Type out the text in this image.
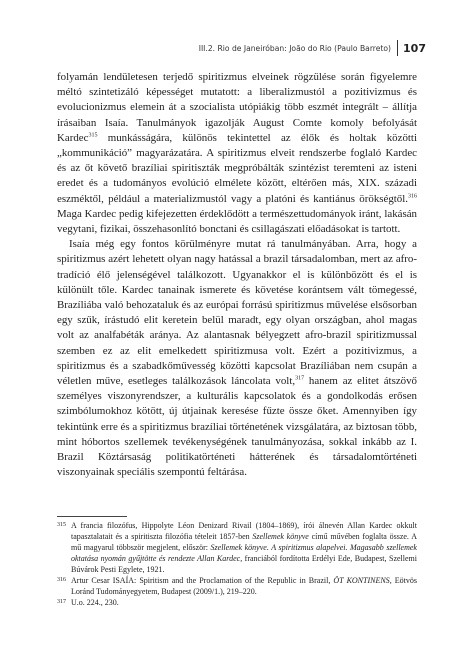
III.2. Rio de Janeiróban: João do Rio (Paulo Barreto) 107

folyamán lendületesen terjedő spiritizmus elveinek rögzülése során figyelemre méltó szintetizáló képességet mutatott: a liberalizmustól a pozitivizmus és evolucionizmus elemein át a szocialista utópiákig több eszmét integrált – állítja írásaiban Isaía. Tanulmányok igazolják August Comte komoly befolyását Kardec$^{315}$ munkásságára, különös tekintettel az élők és holtak közötti „kommunikáció” magyarázatára. A spiritizmus elveit rendszerbe foglaló Kardec és az őt követő brazíliai spiritiszták megpróbálták szintézist teremteni az isteni eredet és a tudományos evolúció elmélete között, eltérően más, XIX. századi eszméktől, például a materializmustól vagy a platóni és kantiánus örökségtől.$^{316}$ Maga Kardec pedig kifejezetten érdeklődött a természettudományok iránt, lakásán vegytani, fizikai, összehasonlító bonctani és csillagászati előadásokat is tartott.

Isaía még egy fontos körülményre mutat rá tanulmányában. Arra, hogy a spiritizmus azért lehetett olyan nagy hatással a brazil társadalomban, mert az afro-tradíció élő jelenségével találkozott. Ugyanakkor el is különbözött és el is különült tőle. Kardec tanainak ismerete és követése korántsem vált tömegessé, Brazíliába való behozataluk és az európai forrású spiritizmus művelése elsősorban egy szűk, írástudó elit keretein belül maradt, egy olyan országban, ahol magas volt az analfabéták aránya. Az alantasnak bélyegzett afro-brazil spiritizmussal szemben ez az elit emelkedett spiritizmusa volt. Ezért a pozitivizmus, a spiritizmus és a szabadkőművesség közötti kapcsolat Brazíliában nem csupán a véletlen műve, esetleges találkozások láncolata volt,$^{317}$ hanem az elitet átszövő személyes viszonyrendszer, a kulturális kapcsolatok és a gondolkodás erősen szimbólumokhoz kötött, új útjainak keresése fűzte össze őket. Amennyiben így tekintünk erre és a spiritizmus brazíliai történetének vizsgálatára, az biztosan több, mint hóbortos szellemek tevékenységének tanulmányozása, sokkal inkább az I. Brazil Köztársaság politikatörténeti hátterének és társadalomtörténeti viszonyainak speciális szempontú feltárása.

315 A francia filozófus, Hippolyte Léon Denizard Rivail (1804–1869), írói álnevén Allan Kardec okkult tapasztalatait és a spiritiszta filozófia tételeit 1857-ben Szellemek könyve című művében foglalta össze. A mű magyarul többször megjelent, először: Szellemek könyve. A spiritizmus alapelvei. Magasabb szellemek oktatása nyomán gyűjtötte és rendezte Allan Kardec, franciából fordította Erdélyi Ede, Budapest, Szellemi Búvárok Pesti Egylete, 1921.

316 Artur Cesar ISAÍA: Spiritism and the Proclamation of the Republic in Brazil, ÖT KONTINENS, Eötvös Loránd Tudományegyetem, Budapest (2009/1.), 219–220.

317 U.o. 224., 230.
